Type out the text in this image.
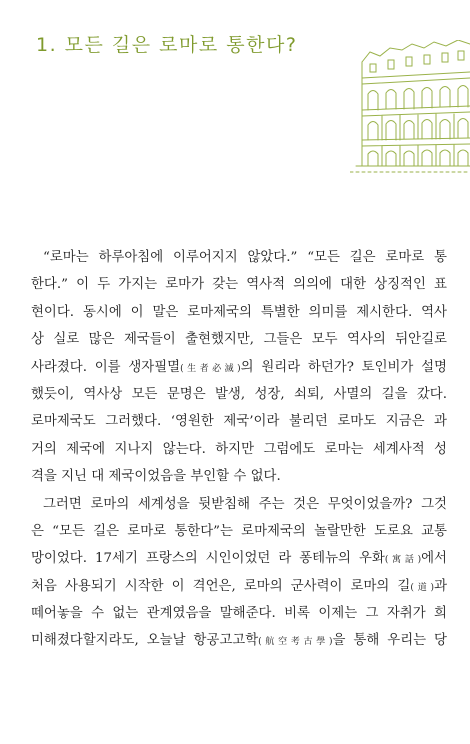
1. 모든 길은 로마로 통한다?
“로마는 하루아침에 이루어지지 않았다.” “모든 길은 로마로 통
한다.” 이 두 가지는 로마가 갖는 역사적 의의에 대한 상징적인 표
현이다. 동시에 이 말은 로마제국의 특별한 의미를 제시한다. 역사
상 실로 많은 제국들이 출현했지만, 그들은 모두 역사의 뒤안길로
사라졌다. 이를 생자필멸(生者必滅)의 원리라 하던가? 토인비가 설명
했듯이, 역사상 모든 문명은 발생, 성장, 쇠퇴, 사멸의 길을 갔다.
로마제국도 그러했다. ‘영원한 제국’이라 불리던 로마도 지금은 과
거의 제국에 지나지 않는다. 하지만 그럼에도 로마는 세계사적 성
격을 지닌 대 제국이었음을 부인할 수 없다.
그러면 로마의 세계성을 뒷받침해 주는 것은 무엇이었을까? 그것
은 “모든 길은 로마로 통한다”는 로마제국의 놀랄만한 도로요 교통
망이었다. 17세기 프랑스의 시인이었던 라 퐁테뉴의 우화(寓話)에서
처음 사용되기 시작한 이 격언은, 로마의 군사력이 로마의 길(道)과
떼어놓을 수 없는 관계였음을 말해준다. 비록 이제는 그 자취가 희
미해졌다할지라도, 오늘날 항공고고학(航空考古學)을 통해 우리는 당
